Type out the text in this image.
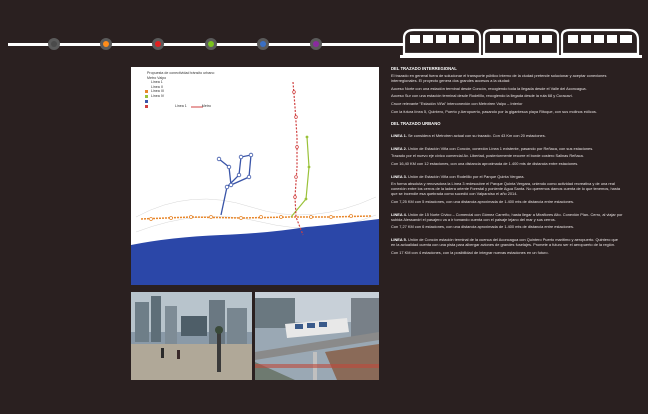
Propuesta de conectividad tránsito urbano
Metro Valpo
Linea 1
Linea II
Linea III
Linea IV
Linea 1	Metro
DEL TRAZADO INTERREGIONAL

El trazado en general fuera de solucionar el transporte público interno de la ciudad pretende solucionar y aceptar conexiones interregionales. El proyecto genera dos grandes accesos a la ciudad:

Acceso Norte con una estación terminal desde Concón, recogiendo toda la llegada desde el Valle del Aconcagua.

Acceso Sur con una estación terminal desde Rodelillo, recogiendo la llegada desde la ruta 68 y Curacaví.

Cruce relevante "Estación Viña" interconexión con Metrotren Valpo – Interior

Con la futura línea 5, Quintero, Puerto y Aeropuerto, pasando por la gigantesca playa Ritoque, con sus molinos eólicos.

DEL TRAZADO URBANO

LINEA 1. Se considera el Metrotren actual con su trazado. Con 43 Km con 20 estaciones.

LINEA 2. Unión de Estación Viña con Concón, conexión Línea 1 existente, pasando por Reñaca, con sus estaciones.

Trazado por el nuevo eje cívico comercial Av. Libertad, posteriormente recorre el borde costero Salinas Reñaca.

Con 16,40 KM con 12 estaciones, con una distancia aproximada de 1.400 mts de distancia entre estaciones.

LINEA 3. Unión de Estación Viña con Rodelillo por el Parque Quinta Vergara.

En forma absoluta y renovadora la Línea 3 redescubre el Parque Quinta Vergara, uniendo como actividad recreativa y de una real conexión entre los cerros de la ladera oriente Forestal y poniente Agua Santa. No queremos damos cuenta de lo que tenemos, hasta que se incendie esa quebrada como sucedió con Valparaíso el año 2014.

Con 7,25 KM con 5 estaciones, con una distancia aproximada de 1.400 mts de distancia entre estaciones.

LINEA 4. Unión de 15 Norte Cívico – Comercial con Gómez Carreño, hasta llegar a Miraflores Alto. Conexión Plan- Cerro, al viajar por subida Alessandri el pasajero va a ir tomando cuenta con el paisaje lejano del mar y sus cerros.

Con 7,27 KM con 6 estaciones, con una distancia aproximada de 1.400 mts de distancia entre estaciones.

LINEA 5. Unión de Concón estación terminal de la cuenca del Aconcagua con Quintero Puerto marítimo y aeropuerto. Quintero que en la actualidad cuenta con una pista para albergar aviones de grandes fuselajes. Promete a futuro ser el aeropuerto de la región.

Con 17 KM con 4 estaciones, con la posibilidad de integrar nuevas estaciones en un futuro.
